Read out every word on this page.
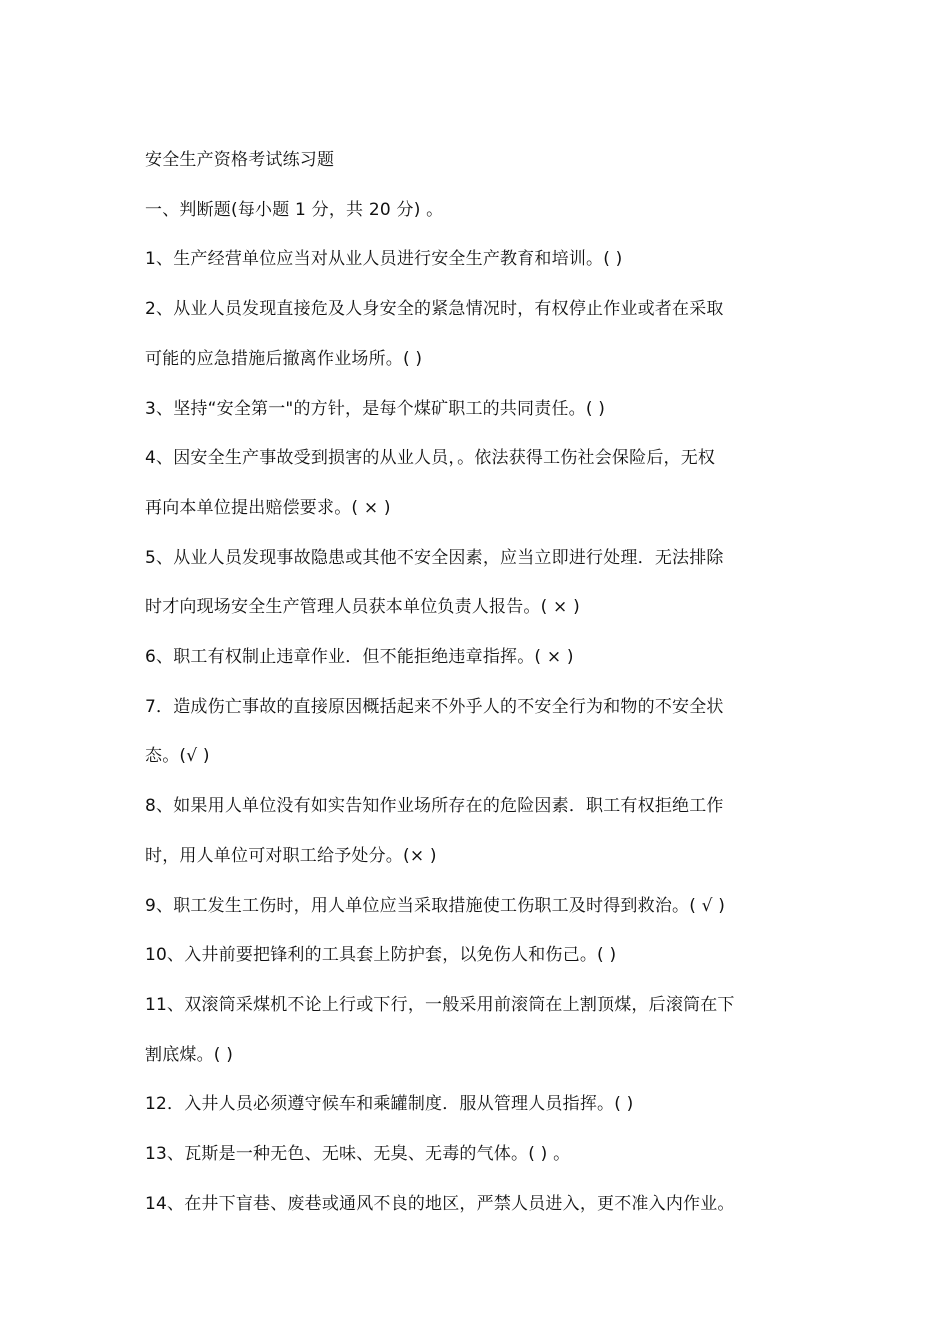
安全生产资格考试练习题
一、判断题(每小题 1 分，共 20 分) 。
1、生产经营单位应当对从业人员进行安全生产教育和培训。( )
2、从业人员发现直接危及人身安全的紧急情况时，有权停止作业或者在采取
可能的应急措施后撤离作业场所。( )
3、坚持“安全第一"的方针，是每个煤矿职工的共同责任。( )
4、因安全生产事故受到损害的从业人员，。依法获得工伤社会保险后，无权
再向本单位提出赔偿要求。( × )
5、从业人员发现事故隐患或其他不安全因素，应当立即进行处理．无法排除
时才向现场安全生产管理人员获本单位负责人报告。( × )
6、职工有权制止违章作业．但不能拒绝违章指挥。( × )
7．造成伤亡事故的直接原因概括起来不外乎人的不安全行为和物的不安全状
态。(√ )
8、如果用人单位没有如实告知作业场所存在的危险因素．职工有权拒绝工作
时，用人单位可对职工给予处分。(× )
9、职工发生工伤时，用人单位应当采取措施使工伤职工及时得到救治。( √ )
10、入井前要把锋利的工具套上防护套，以免伤人和伤己。( )
11、双滚筒采煤机不论上行或下行，一般采用前滚筒在上割顶煤，后滚筒在下
割底煤。( )
12．入井人员必须遵守候车和乘罐制度．服从管理人员指挥。( )
13、瓦斯是一种无色、无味、无臭、无毒的气体。( ) 。
14、在井下盲巷、废巷或通风不良的地区，严禁人员进入，更不准入内作业。
